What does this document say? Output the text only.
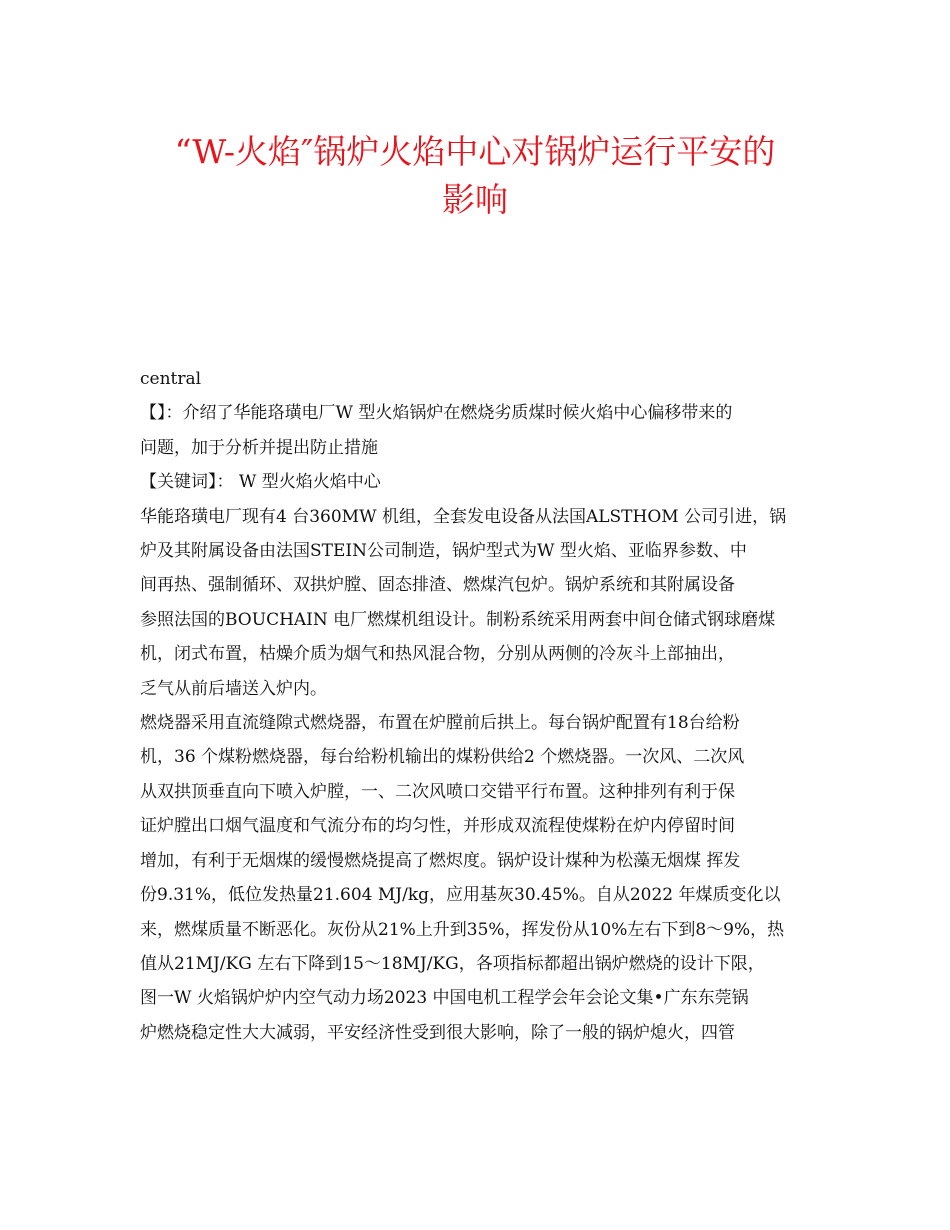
“W-火焰″锅炉火焰中心对锅炉运行平安的
影响
central
【】：介绍了华能珞璜电厂W 型火焰锅炉在燃烧劣质煤时候火焰中心偏移带来的
问题，加于分析并提出防止措施
【关键词】： W 型火焰火焰中心
华能珞璜电厂现有4 台360MW 机组，全套发电设备从法国ALSTHOM 公司引进，锅
炉及其附属设备由法国STEIN公司制造，锅炉型式为W 型火焰、亚临界参数、中
间再热、强制循环、双拱炉膛、固态排渣、燃煤汽包炉。锅炉系统和其附属设备
参照法国的BOUCHAIN 电厂燃煤机组设计。制粉系统采用两套中间仓储式钢球磨煤
机，闭式布置，枯燥介质为烟气和热风混合物，分别从两侧的冷灰斗上部抽出，
乏气从前后墙送入炉内。
燃烧器采用直流缝隙式燃烧器，布置在炉膛前后拱上。每台锅炉配置有18台给粉
机，36 个煤粉燃烧器，每台给粉机输出的煤粉供给2 个燃烧器。一次风、二次风
从双拱顶垂直向下喷入炉膛，一、二次风喷口交错平行布置。这种排列有利于保
证炉膛出口烟气温度和气流分布的均匀性，并形成双流程使煤粉在炉内停留时间
增加，有利于无烟煤的缓慢燃烧提高了燃烬度。锅炉设计煤种为松藻无烟煤 挥发
份9.31%，低位发热量21.604 MJ/kg，应用基灰30.45%。自从2022 年煤质变化以
来，燃煤质量不断恶化。灰份从21%上升到35%，挥发份从10%左右下到8～9%，热
值从21MJ/KG 左右下降到15～18MJ/KG，各项指标都超出锅炉燃烧的设计下限，
图一W 火焰锅炉炉内空气动力场2023 中国电机工程学会年会论文集•广东东莞锅
炉燃烧稳定性大大减弱，平安经济性受到很大影响，除了一般的锅炉熄火，四管
